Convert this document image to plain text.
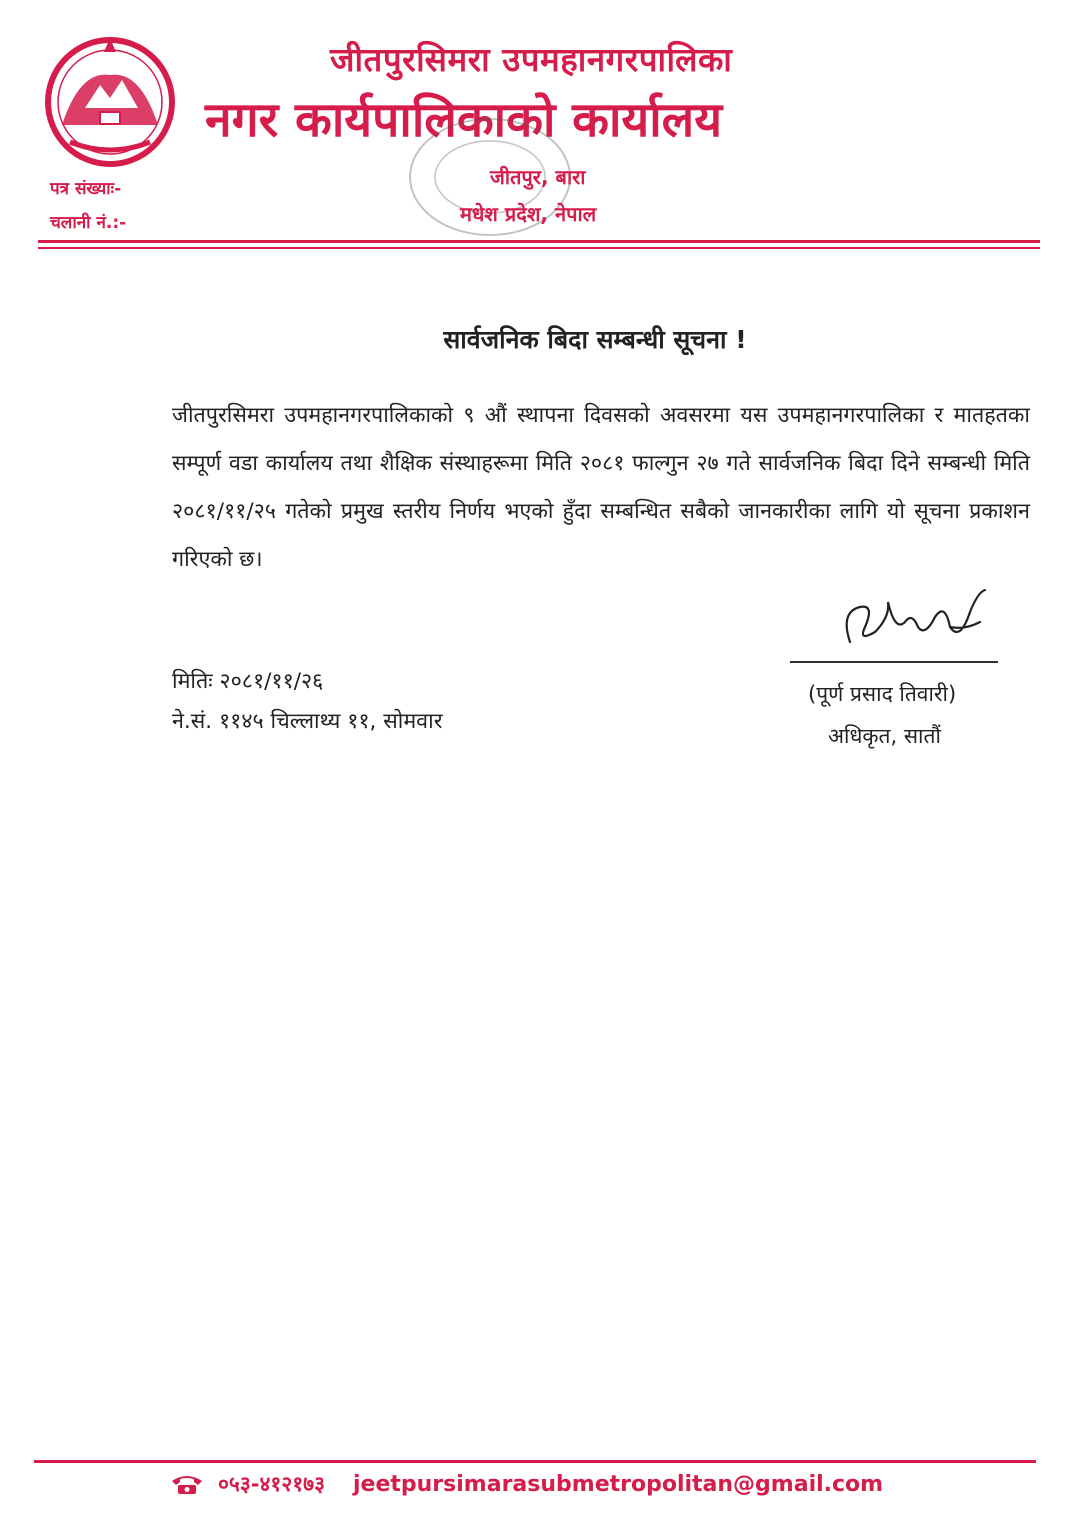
जीतपुरसिमरा उपमहानगरपालिका
नगर कार्यपालिकाको कार्यालय
जीतपुर, बारा
मधेश प्रदेश, नेपाल
पत्र संख्याः-
चलानी नं.:-
सार्वजनिक बिदा सम्बन्धी सूचना !
जीतपुरसिमरा उपमहानगरपालिकाको ९ औं स्थापना दिवसको अवसरमा यस उपमहानगरपालिका र मातहतका सम्पूर्ण वडा कार्यालय तथा शैक्षिक संस्थाहरूमा मिति २०८१ फाल्गुन २७ गते सार्वजनिक बिदा दिने सम्बन्धी मिति २०८१/११/२५ गतेको प्रमुख स्तरीय निर्णय भएको हुँदा सम्बन्धित सबैको जानकारीका लागि यो सूचना प्रकाशन गरिएको छ।
मितिः २०८१/११/२६
ने.सं. ११४५ चिल्लाथ्य ११, सोमवार
(पूर्ण प्रसाद तिवारी)
अधिकृत, सातौं
०५३-४१२१७३ jeetpursimarasubmetropolitan@gmail.com
